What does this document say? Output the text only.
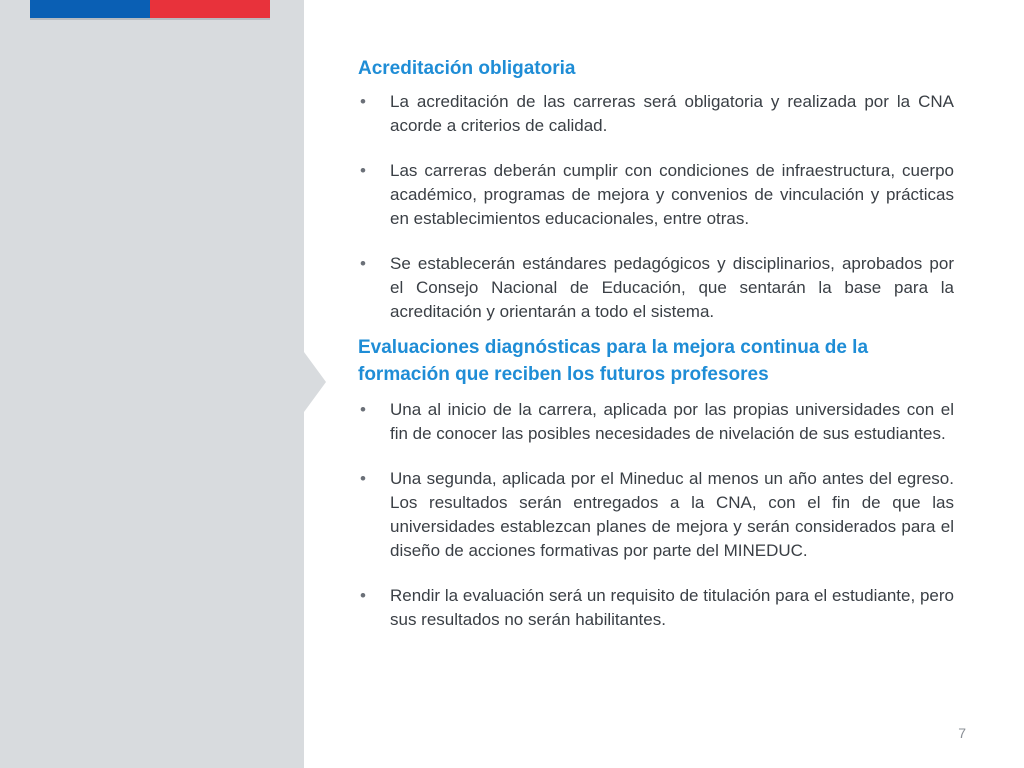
Acreditación obligatoria

• La acreditación de las carreras será obligatoria y realizada por la CNA acorde a criterios de calidad.
• Las carreras deberán cumplir con condiciones de infraestructura, cuerpo académico, programas de mejora y convenios de vinculación y prácticas en establecimientos educacionales, entre otras.
• Se establecerán estándares pedagógicos y disciplinarios, aprobados por el Consejo Nacional de Educación, que sentarán la base para la acreditación y orientarán a todo el sistema.

Evaluaciones diagnósticas para la mejora continua de la formación que reciben los futuros profesores

• Una al inicio de la carrera, aplicada por las propias universidades con el fin de conocer las posibles necesidades de nivelación de sus estudiantes.
• Una segunda, aplicada por el Mineduc al menos un año antes del egreso. Los resultados serán entregados a la CNA, con el fin de que las universidades establezcan planes de mejora y serán considerados para el diseño de acciones formativas por parte del MINEDUC.
• Rendir la evaluación será un requisito de titulación para el estudiante, pero sus resultados no serán habilitantes.
7
